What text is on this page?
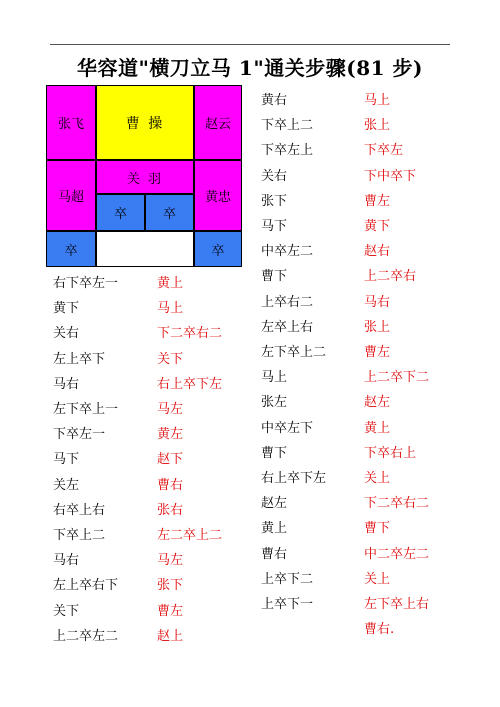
华容道"横刀立马 1"通关步骤(81 步)
张飞	曹 操	赵云
马超
关 羽
黄忠
卒	卒
卒	卒
右下卒左一	黄上
黄下	马上
关右	下二卒右二
左上卒下	关下
马右	右上卒下左
左下卒上一	马左
下卒左一	黄左
马下	赵下
关左	曹右
右卒上右	张右
下卒上二	左二卒上二
马右	马左
左上卒右下	张下
关下	曹左
上二卒左二	赵上
黄右	马上
下卒上二	张上
下卒左上	下卒左
关右	下中卒下
张下	曹左
马下	黄下
中卒左二	赵右
曹下	上二卒右
上卒右二	马右
左卒上右	张上
左下卒上二	曹左
马上	上二卒下二
张左	赵左
中卒左下	黄上
曹下	下卒右上
右上卒下左	关上
赵左	下二卒右二
黄上	曹下
曹右	中二卒左二
上卒下二	关上
上卒下一	左下卒上右
曹右.
